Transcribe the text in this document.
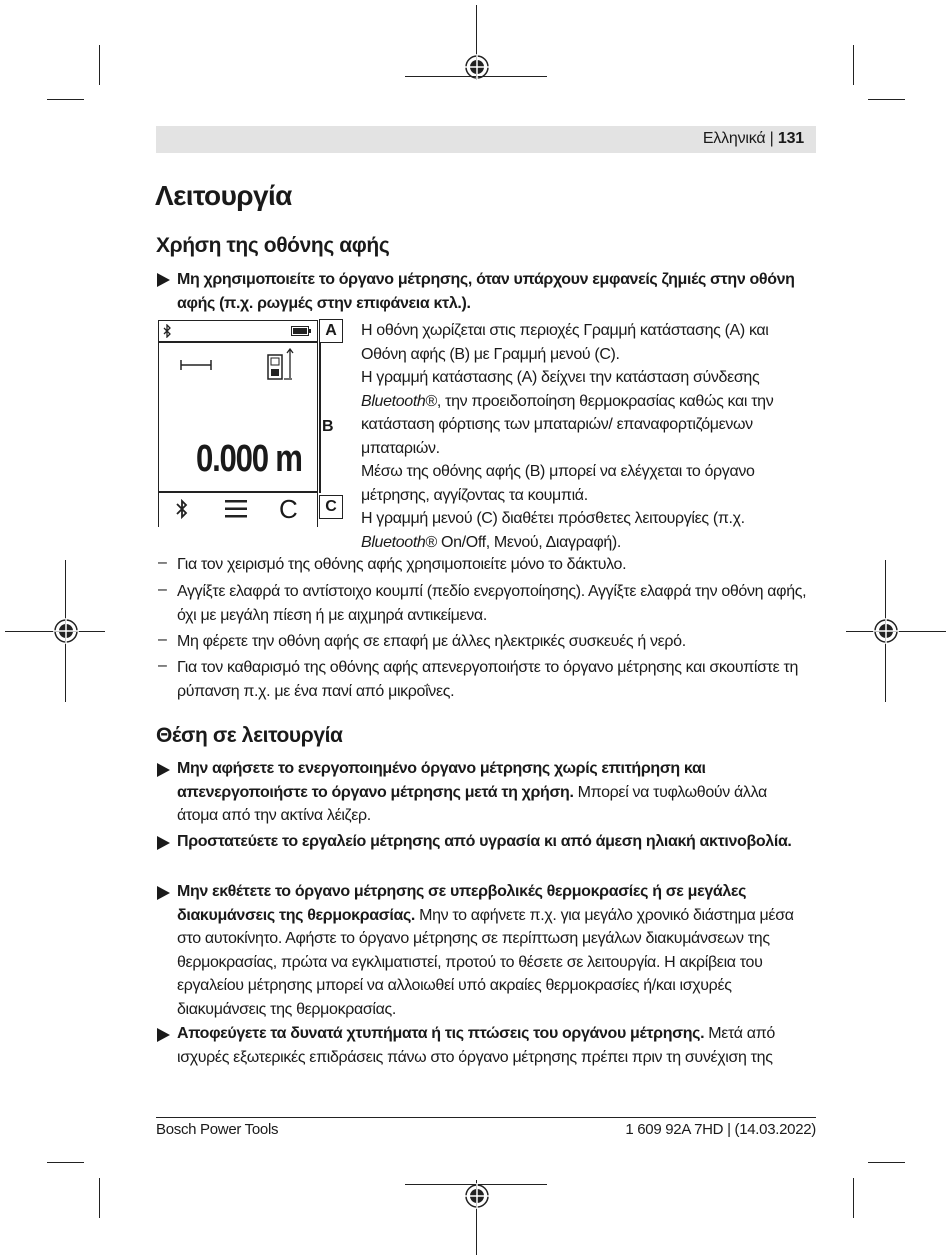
Ελληνικά | 131
Λειτουργία
Χρήση της οθόνης αφής
Μη χρησιμοποιείτε το όργανο μέτρησης, όταν υπάρχουν εμφανείς ζημιές στην οθόνη αφής (π.χ. ρωγμές στην επιφάνεια κτλ.).
0.000 m
C
A
B
C
Η οθόνη χωρίζεται στις περιοχές Γραμμή κατάστασης (A) και Οθόνη αφής (B) με Γραμμή μενού (C).
Η γραμμή κατάστασης (A) δείχνει την κατάσταση σύνδεσης Bluetooth®, την προειδοποίηση θερμοκρασίας καθώς και την κατάσταση φόρτισης των μπαταριών/ επαναφορτιζόμενων μπαταριών.
Μέσω της οθόνης αφής (B) μπορεί να ελέγχεται το όργανο μέτρησης, αγγίζοντας τα κουμπιά.
Η γραμμή μενού (C) διαθέτει πρόσθετες λειτουργίες (π.χ. Bluetooth® On/Off, Μενού, Διαγραφή).
– Για τον χειρισμό της οθόνης αφής χρησιμοποιείτε μόνο το δάκτυλο.
– Αγγίξτε ελαφρά το αντίστοιχο κουμπί (πεδίο ενεργοποίησης). Αγγίξτε ελαφρά την οθόνη αφής, όχι με μεγάλη πίεση ή με αιχμηρά αντικείμενα.
– Μη φέρετε την οθόνη αφής σε επαφή με άλλες ηλεκτρικές συσκευές ή νερό.
– Για τον καθαρισμό της οθόνης αφής απενεργοποιήστε το όργανο μέτρησης και σκουπίστε τη ρύπανση π.χ. με ένα πανί από μικροΐνες.
Θέση σε λειτουργία
Μην αφήσετε το ενεργοποιημένο όργανο μέτρησης χωρίς επιτήρηση και απενεργοποιήστε το όργανο μέτρησης μετά τη χρήση. Μπορεί να τυφλωθούν άλλα άτομα από την ακτίνα λέιζερ.
Προστατεύετε το εργαλείο μέτρησης από υγρασία κι από άμεση ηλιακή ακτινοβολία.
Μην εκθέτετε το όργανο μέτρησης σε υπερβολικές θερμοκρασίες ή σε μεγάλες διακυμάνσεις της θερμοκρασίας. Μην το αφήνετε π.χ. για μεγάλο χρονικό διάστημα μέσα στο αυτοκίνητο. Αφήστε το όργανο μέτρησης σε περίπτωση μεγάλων διακυμάνσεων της θερμοκρασίας, πρώτα να εγκλιματιστεί, προτού το θέσετε σε λειτουργία. Η ακρίβεια του εργαλείου μέτρησης μπορεί να αλλοιωθεί υπό ακραίες θερμοκρασίες ή/και ισχυρές διακυμάνσεις της θερμοκρασίας.
Αποφεύγετε τα δυνατά χτυπήματα ή τις πτώσεις του οργάνου μέτρησης. Μετά από ισχυρές εξωτερικές επιδράσεις πάνω στο όργανο μέτρησης πρέπει πριν τη συνέχιση της
Bosch Power Tools	1 609 92A 7HD | (14.03.2022)
